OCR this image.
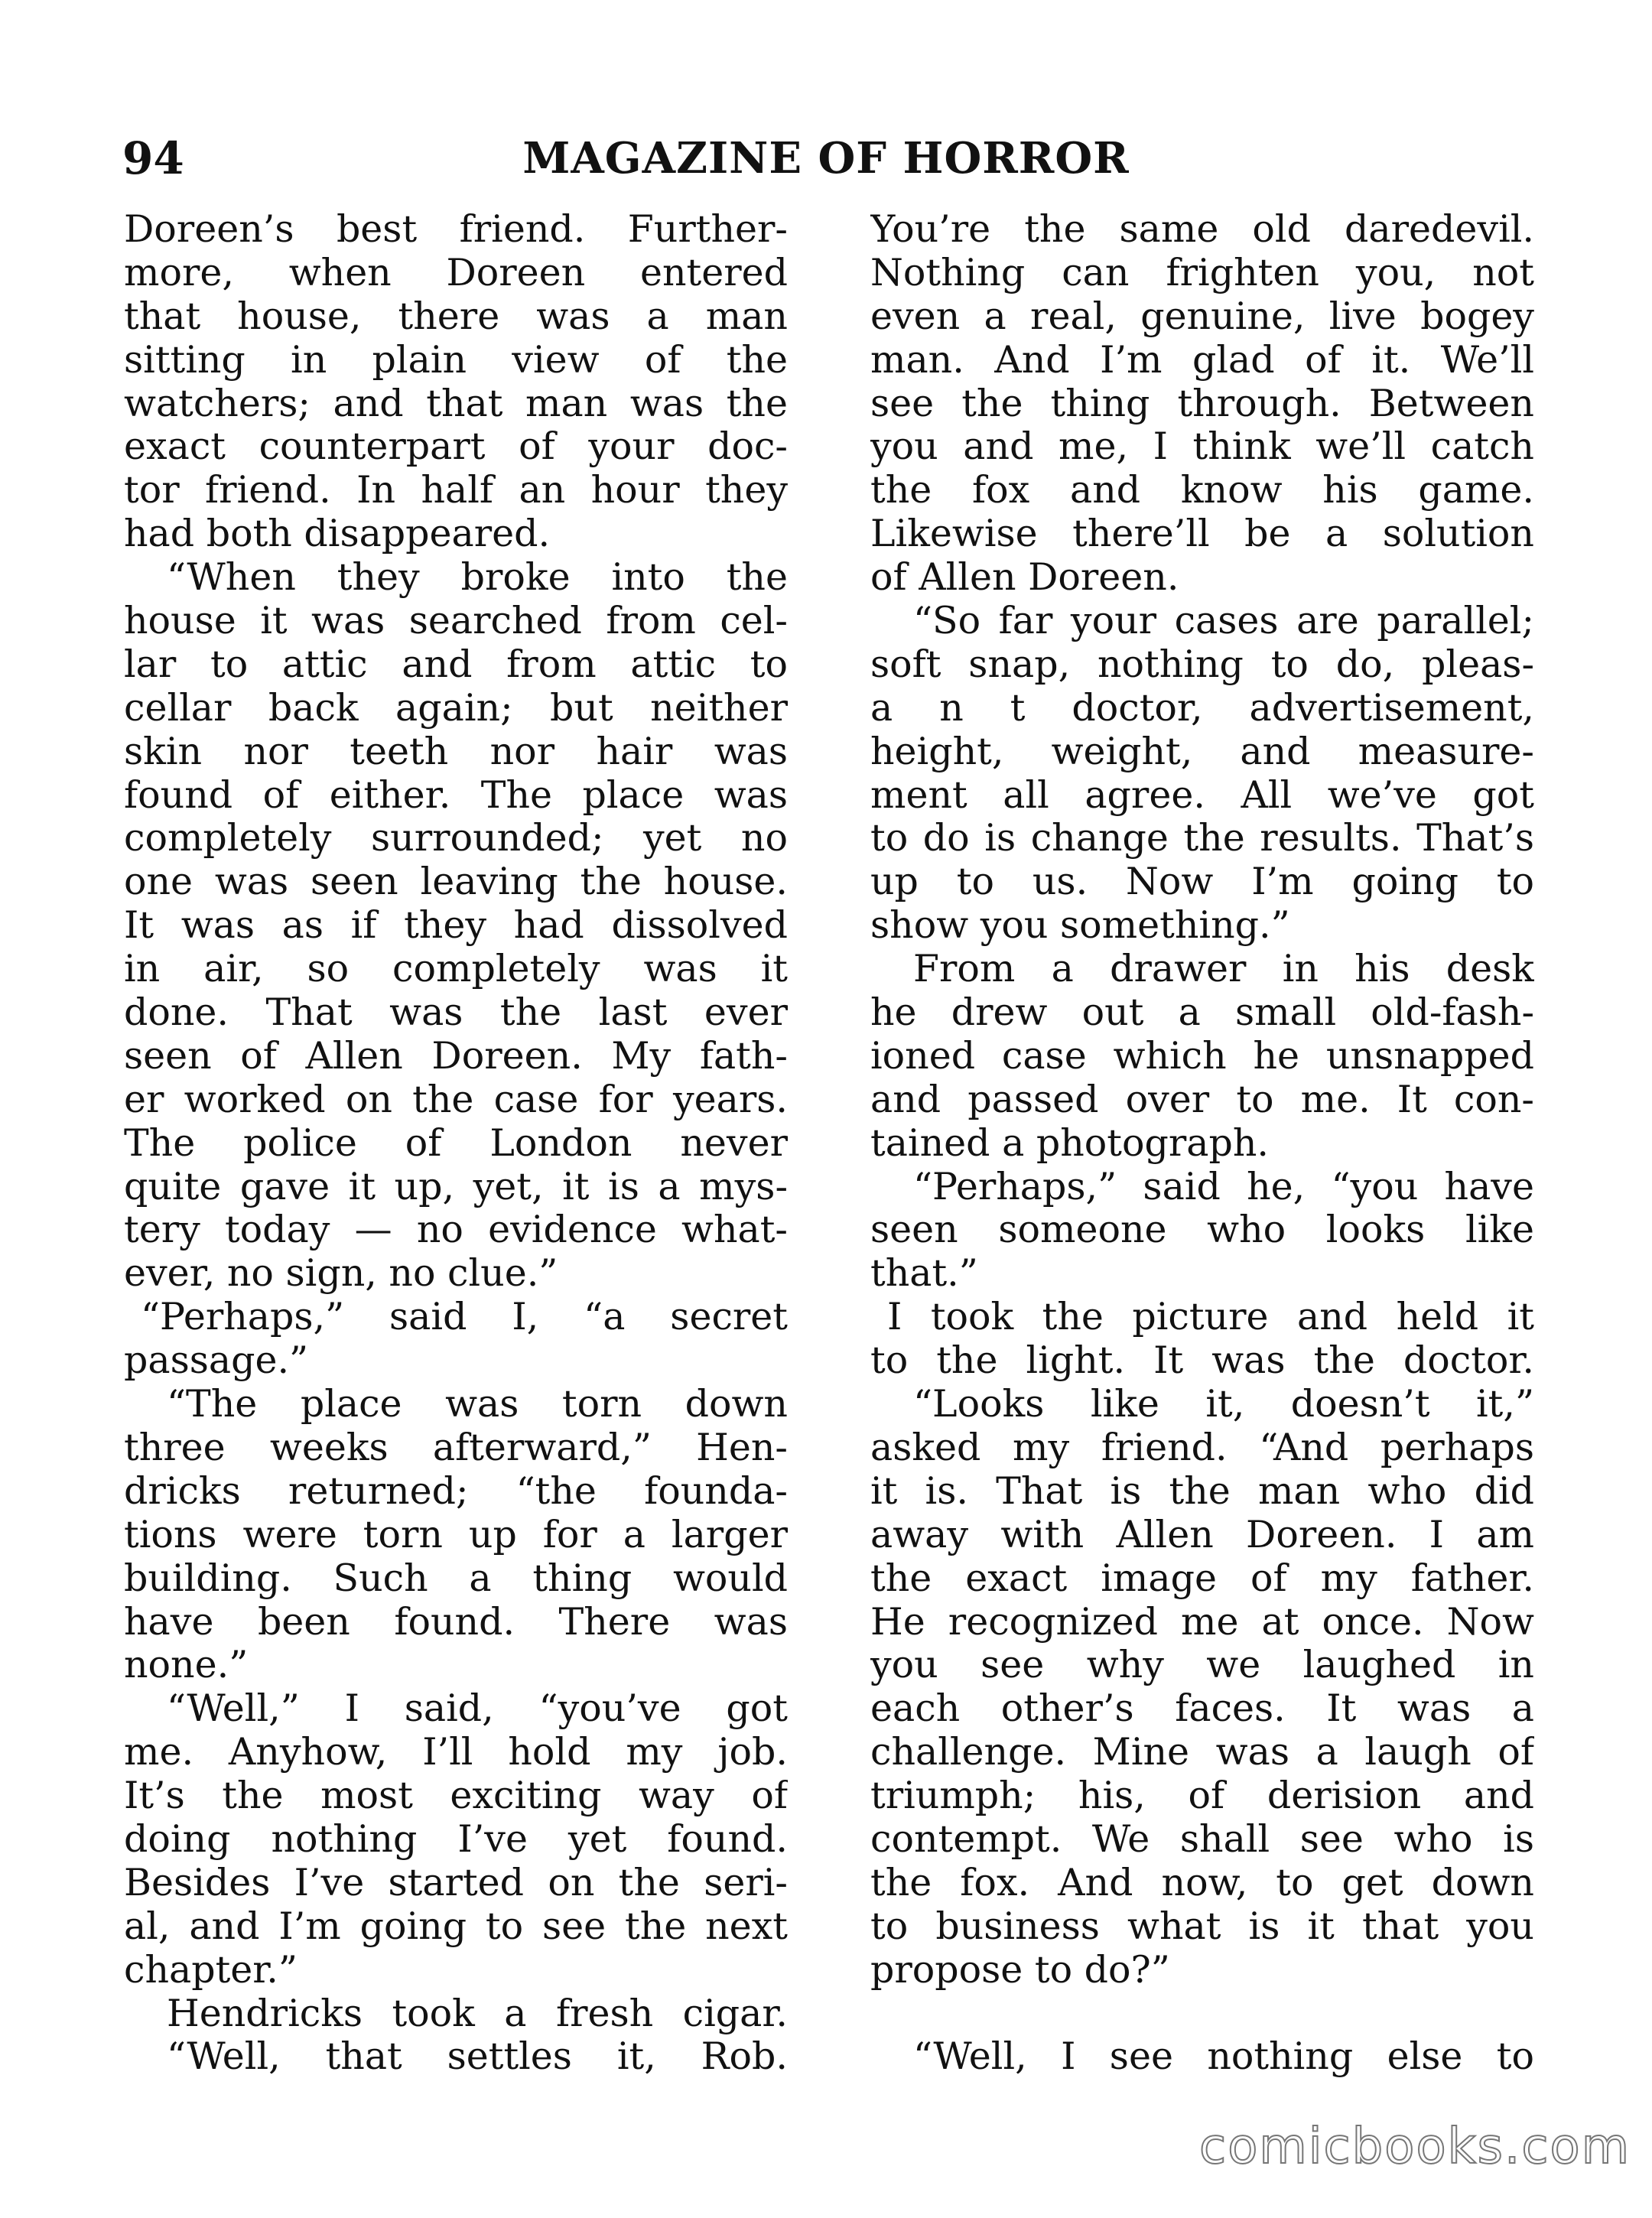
94	MAGAZINE OF HORROR
Doreen’s best friend. Further-
more, when Doreen entered
that house, there was a man
sitting in plain view of the
watchers; and that man was the
exact counterpart of your doc-
tor friend. In half an hour they
had both disappeared.
“When they broke into the
house it was searched from cel-
lar to attic and from attic to
cellar back again; but neither
skin nor teeth nor hair was
found of either. The place was
completely surrounded; yet no
one was seen leaving the house.
It was as if they had dissolved
in air, so completely was it
done. That was the last ever
seen of Allen Doreen. My fath-
er worked on the case for years.
The police of London never
quite gave it up, yet, it is a mys-
tery today — no evidence what-
ever, no sign, no clue.”
“Perhaps,” said I, “a secret
passage.”
“The place was torn down
three weeks afterward,” Hen-
dricks returned; “the founda-
tions were torn up for a larger
building. Such a thing would
have been found. There was
none.”
“Well,” I said, “you’ve got
me. Anyhow, I’ll hold my job.
It’s the most exciting way of
doing nothing I’ve yet found.
Besides I’ve started on the seri-
al, and I’m going to see the next
chapter.”
Hendricks took a fresh cigar.
“Well, that settles it, Rob.
You’re the same old daredevil.
Nothing can frighten you, not
even a real, genuine, live bogey
man. And I’m glad of it. We’ll
see the thing through. Between
you and me, I think we’ll catch
the fox and know his game.
Likewise there’ll be a solution
of Allen Doreen.
“So far your cases are parallel;
soft snap, nothing to do, pleas-
a n t doctor, advertisement,
height, weight, and measure-
ment all agree. All we’ve got
to do is change the results. That’s
up to us. Now I’m going to
show you something.”
From a drawer in his desk
he drew out a small old-fash-
ioned case which he unsnapped
and passed over to me. It con-
tained a photograph.
“Perhaps,” said he, “you have
seen someone who looks like
that.”
I took the picture and held it
to the light. It was the doctor.
“Looks like it, doesn’t it,”
asked my friend. “And perhaps
it is. That is the man who did
away with Allen Doreen. I am
the exact image of my father.
He recognized me at once. Now
you see why we laughed in
each other’s faces. It was a
challenge. Mine was a laugh of
triumph; his, of derision and
contempt. We shall see who is
the fox. And now, to get down
to business what is it that you
propose to do?”
“Well, I see nothing else to
comicbooks.com
